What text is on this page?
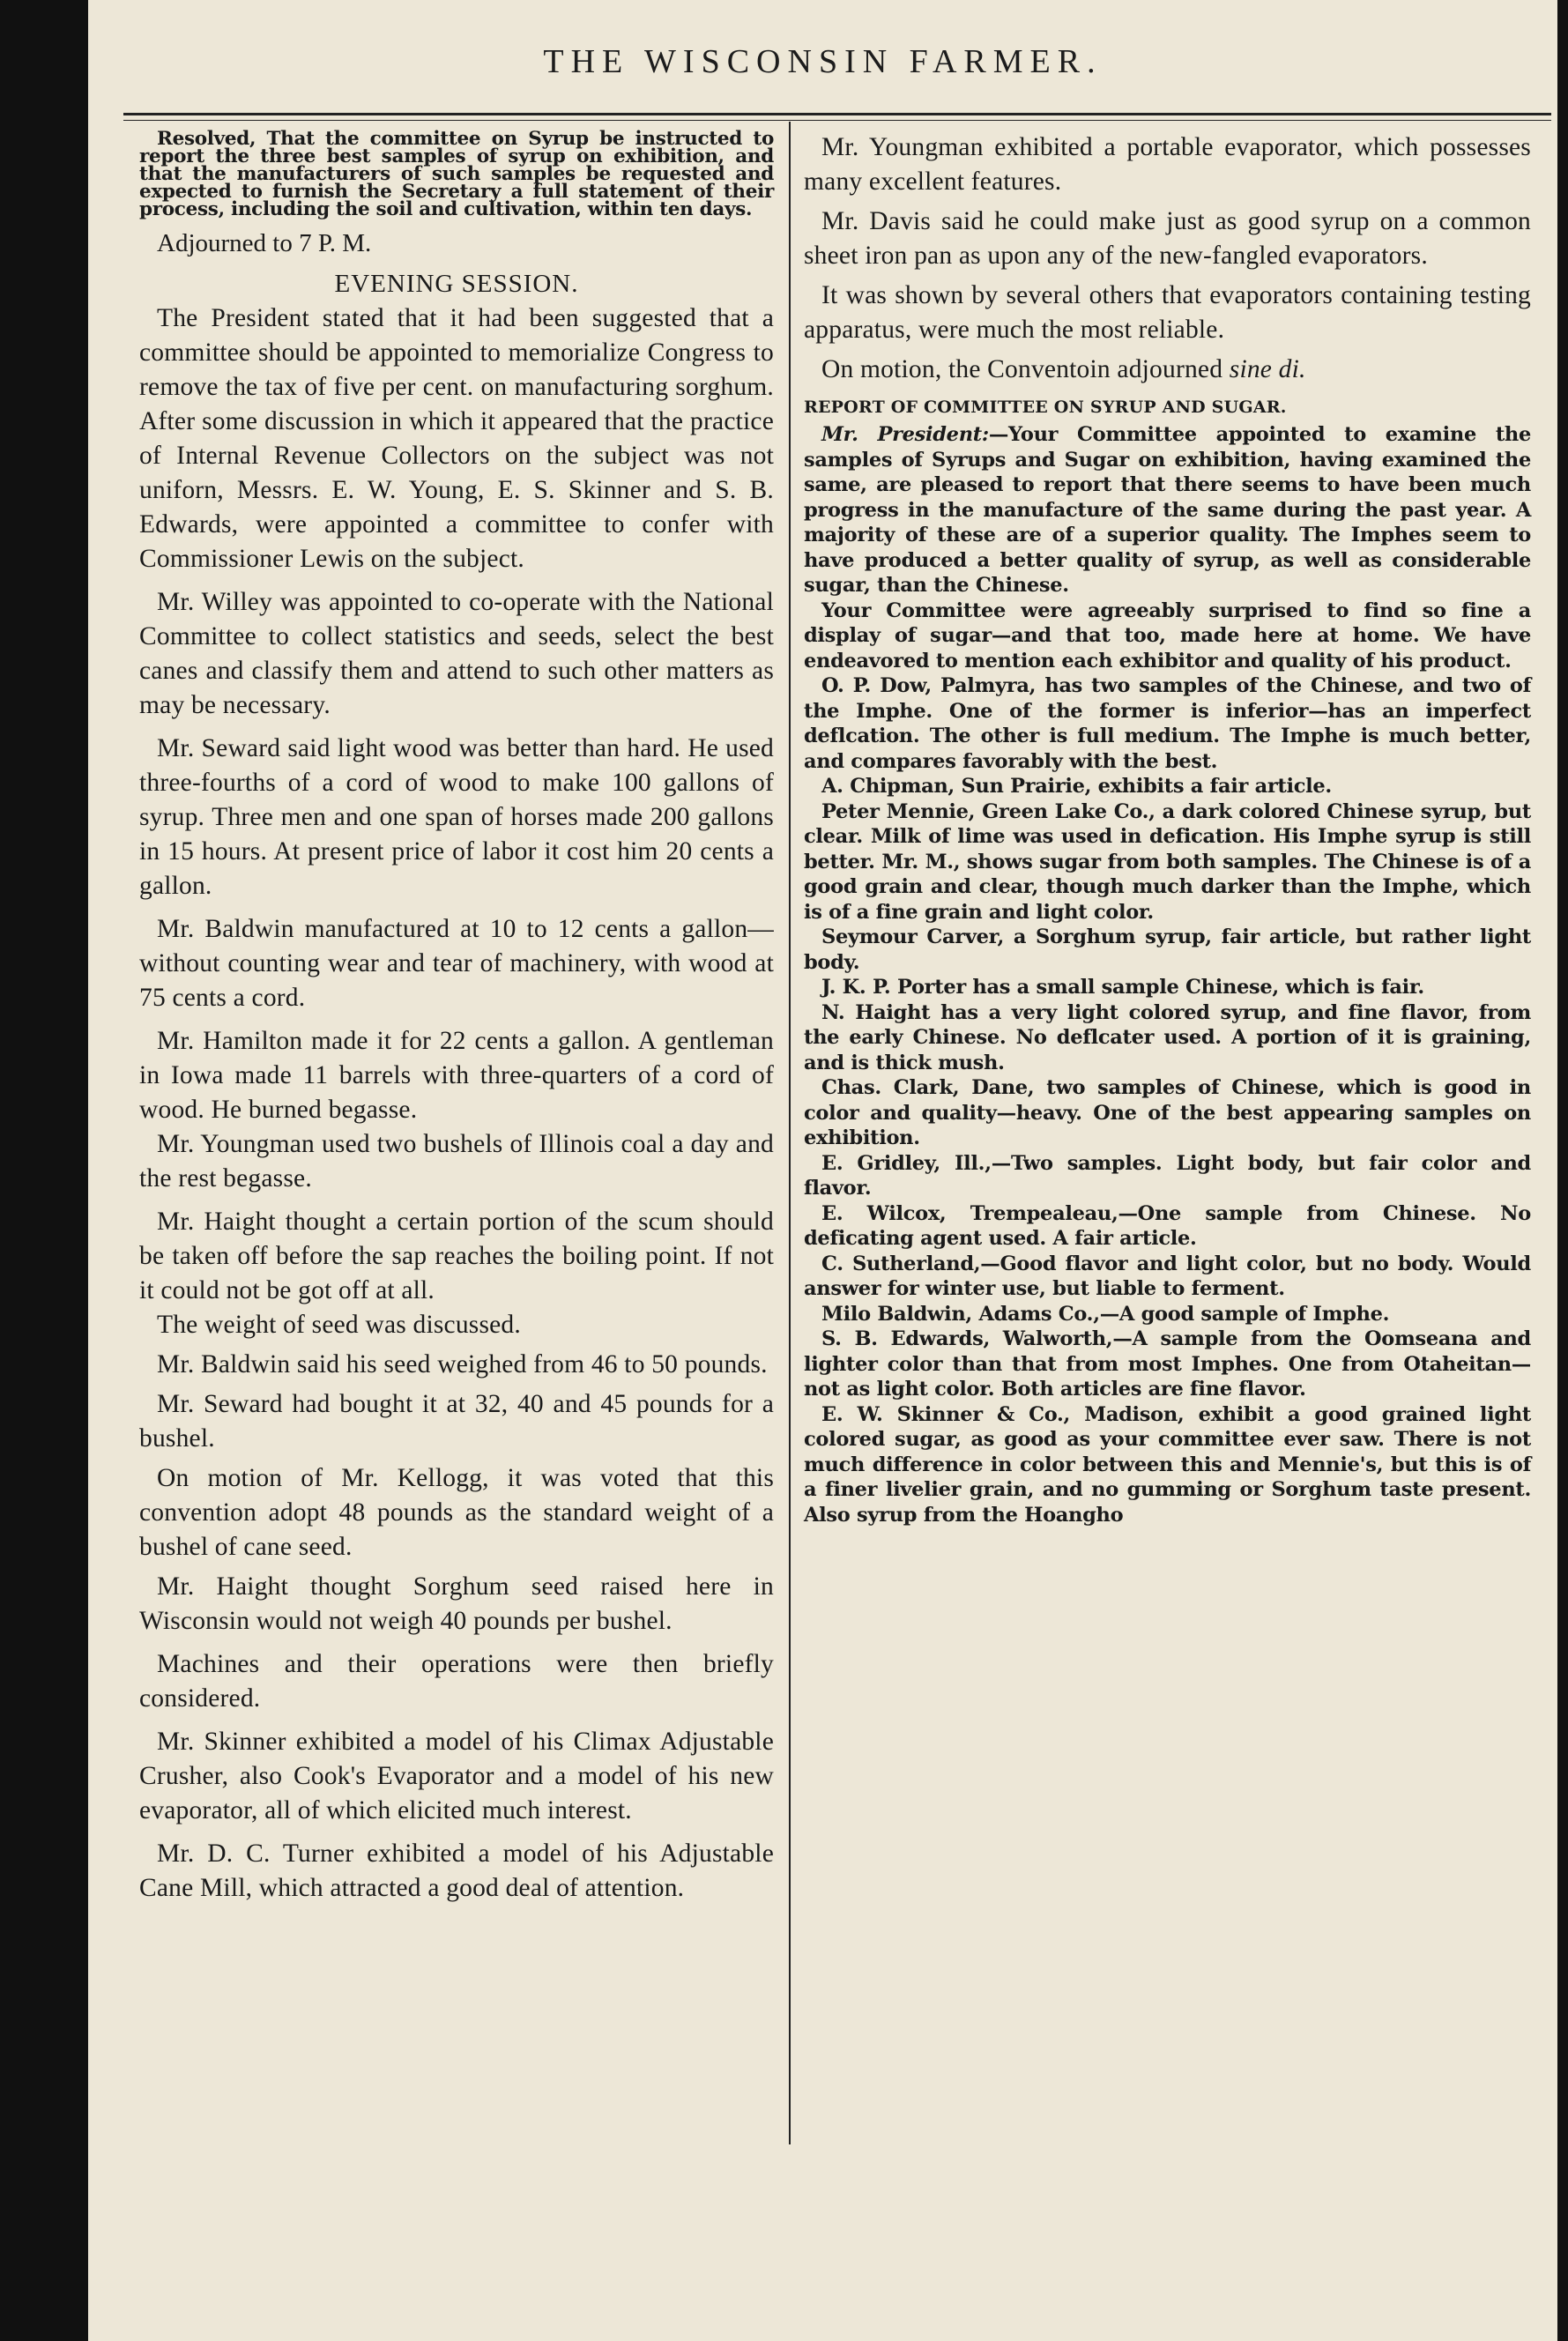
THE WISCONSIN FARMER.

Resolved, That the committee on Syrup be instructed to report the three best samples of syrup on exhibition, and that the manufacturers of such samples be requested and expected to furnish the Secretary a full statement of their process, including the soil and cultivation, within ten days.

Adjourned to 7 P. M.

EVENING SESSION.

The President stated that it had been suggested that a committee should be appointed to memorialize Congress to remove the tax of five per cent. on manufacturing sorghum. After some discussion in which it appeared that the practice of Internal Revenue Collectors on the subject was not uniforn, Messrs. E. W. Young, E. S. Skinner and S. B. Edwards, were appointed a committee to confer with Commissioner Lewis on the subject.

Mr. Willey was appointed to co-operate with the National Committee to collect statistics and seeds, select the best canes and classify them and attend to such other matters as may be necessary.

Mr. Seward said light wood was better than hard. He used three-fourths of a cord of wood to make 100 gallons of syrup. Three men and one span of horses made 200 gallons in 15 hours. At present price of labor it cost him 20 cents a gallon.

Mr. Baldwin manufactured at 10 to 12 cents a gallon—without counting wear and tear of machinery, with wood at 75 cents a cord.

Mr. Hamilton made it for 22 cents a gallon. A gentleman in Iowa made 11 barrels with three-quarters of a cord of wood. He burned begasse.

Mr. Youngman used two bushels of Illinois coal a day and the rest begasse.

Mr. Haight thought a certain portion of the scum should be taken off before the sap reaches the boiling point. If not it could not be got off at all.

The weight of seed was discussed.

Mr. Baldwin said his seed weighed from 46 to 50 pounds.

Mr. Seward had bought it at 32, 40 and 45 pounds for a bushel.

On motion of Mr. Kellogg, it was voted that this convention adopt 48 pounds as the standard weight of a bushel of cane seed.

Mr. Haight thought Sorghum seed raised here in Wisconsin would not weigh 40 pounds per bushel.

Machines and their operations were then briefly considered.

Mr. Skinner exhibited a model of his Climax Adjustable Crusher, also Cook's Evaporator and a model of his new evaporator, all of which elicited much interest.

Mr. D. C. Turner exhibited a model of his Adjustable Cane Mill, which attracted a good deal of attention.

Mr. Youngman exhibited a portable evaporator, which possesses many excellent features.

Mr. Davis said he could make just as good syrup on a common sheet iron pan as upon any of the new-fangled evaporators.

It was shown by several others that evaporators containing testing apparatus, were much the most reliable.

On motion, the Conventoin adjourned sine di.

REPORT OF COMMITTEE ON SYRUP AND SUGAR.

Mr. President:—Your Committee appointed to examine the samples of Syrups and Sugar on exhibition, having examined the same, are pleased to report that there seems to have been much progress in the manufacture of the same during the past year. A majority of these are of a superior quality. The Imphes seem to have produced a better quality of syrup, as well as considerable sugar, than the Chinese.

Your Committee were agreeably surprised to find so fine a display of sugar—and that too, made here at home. We have endeavored to mention each exhibitor and quality of his product.

O. P. Dow, Palmyra, has two samples of the Chinese, and two of the Imphe. One of the former is inferior—has an imperfect deflcation. The other is full medium. The Imphe is much better, and compares favorably with the best.

A. Chipman, Sun Prairie, exhibits a fair article.

Peter Mennie, Green Lake Co., a dark colored Chinese syrup, but clear. Milk of lime was used in defication. His Imphe syrup is still better. Mr. M., shows sugar from both samples. The Chinese is of a good grain and clear, though much darker than the Imphe, which is of a fine grain and light color.

Seymour Carver, a Sorghum syrup, fair article, but rather light body.

J. K. P. Porter has a small sample Chinese, which is fair.

N. Haight has a very light colored syrup, and fine flavor, from the early Chinese. No deflcater used. A portion of it is graining, and is thick mush.

Chas. Clark, Dane, two samples of Chinese, which is good in color and quality—heavy. One of the best appearing samples on exhibition.

E. Gridley, Ill.,—Two samples. Light body, but fair color and flavor.

E. Wilcox, Trempealeau,—One sample from Chinese. No deficating agent used. A fair article.

C. Sutherland,—Good flavor and light color, but no body. Would answer for winter use, but liable to ferment.

Milo Baldwin, Adams Co.,—A good sample of Imphe.

S. B. Edwards, Walworth,—A sample from the Oomseana and lighter color than that from most Imphes. One from Otaheitan—not as light color. Both articles are fine flavor.

E. W. Skinner & Co., Madison, exhibit a good grained light colored sugar, as good as your committee ever saw. There is not much difference in color between this and Mennie's, but this is of a finer livelier grain, and no gumming or Sorghum taste present. Also syrup from the Hoangho
